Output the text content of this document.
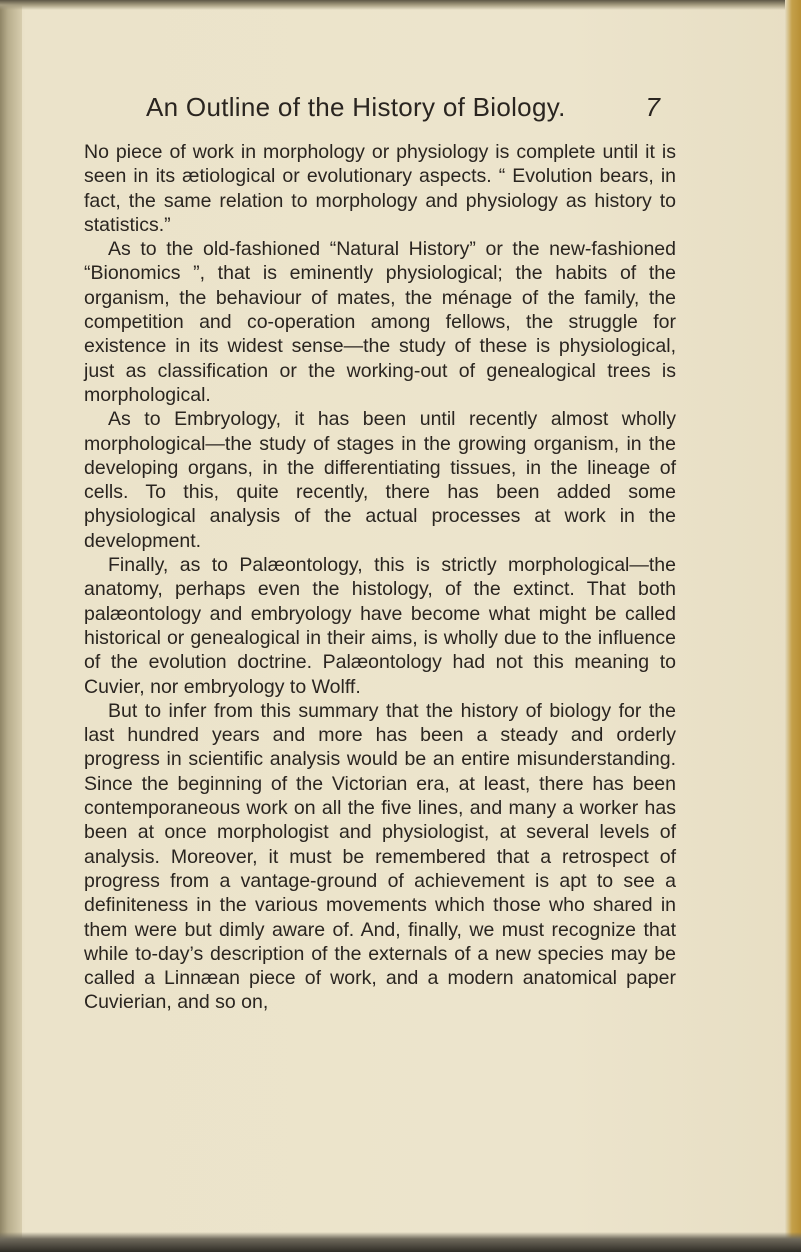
An Outline of the History of Biology.	7

No piece of work in morphology or physiology is complete until it is seen in its ætiological or evolutionary aspects. “ Evolution bears, in fact, the same relation to morphology and physiology as history to statistics.”

As to the old-fashioned “Natural History” or the new-fashioned “Bionomics ”, that is eminently physiological; the habits of the organism, the behaviour of mates, the ménage of the family, the competition and co-operation among fellows, the struggle for existence in its widest sense—the study of these is physiological, just as classification or the working-out of genealogical trees is morphological.

As to Embryology, it has been until recently almost wholly morphological—the study of stages in the growing organism, in the developing organs, in the differentiating tissues, in the lineage of cells. To this, quite recently, there has been added some physiological analysis of the actual processes at work in the development.

Finally, as to Palæontology, this is strictly morphological—the anatomy, perhaps even the histology, of the extinct. That both palæontology and embryology have become what might be called historical or genealogical in their aims, is wholly due to the influence of the evolution doctrine. Palæontology had not this meaning to Cuvier, nor embryology to Wolff.

But to infer from this summary that the history of biology for the last hundred years and more has been a steady and orderly progress in scientific analysis would be an entire misunderstanding. Since the beginning of the Victorian era, at least, there has been contemporaneous work on all the five lines, and many a worker has been at once morphologist and physiologist, at several levels of analysis. Moreover, it must be remembered that a retrospect of progress from a vantage-ground of achievement is apt to see a definiteness in the various movements which those who shared in them were but dimly aware of. And, finally, we must recognize that while to-day’s description of the externals of a new species may be called a Linnæan piece of work, and a modern anatomical paper Cuvierian, and so on,
